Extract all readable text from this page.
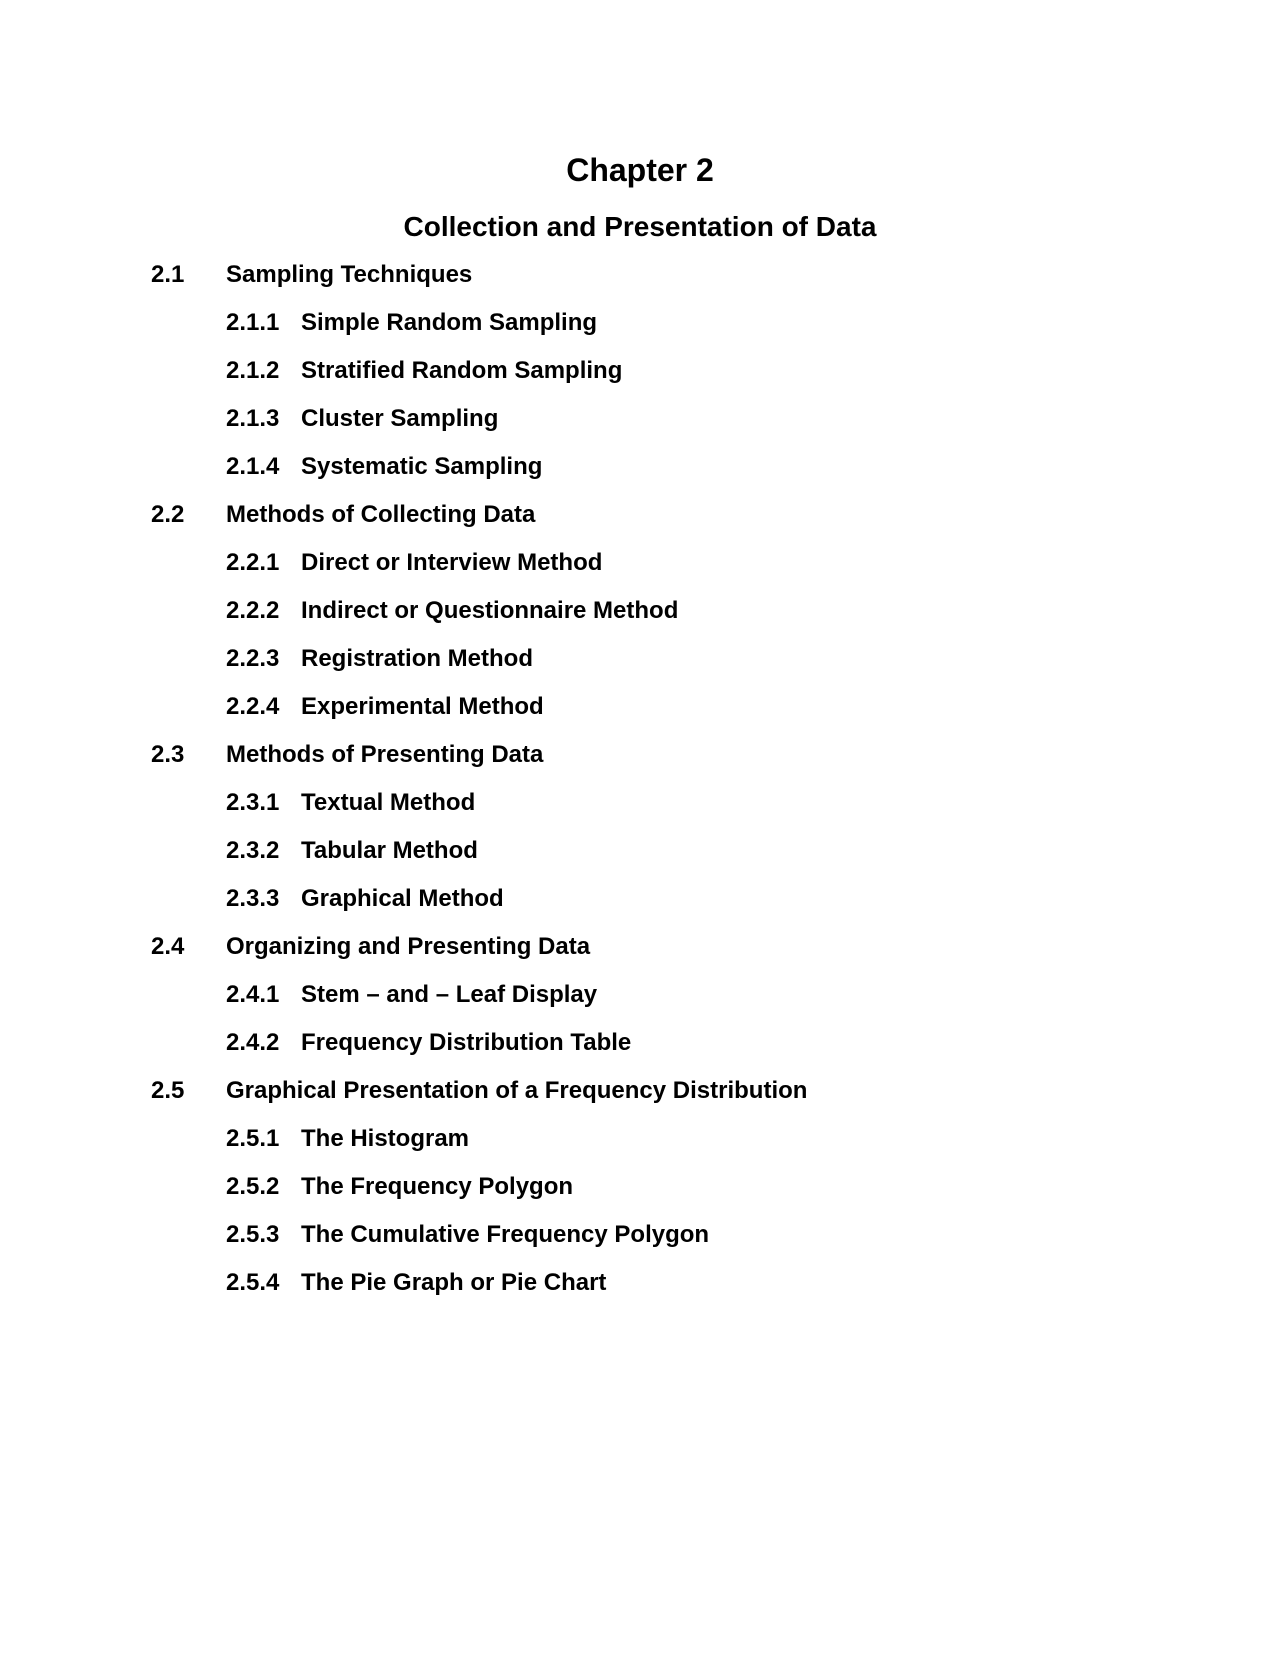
Chapter 2
Collection and Presentation of Data
2.1 Sampling Techniques
2.1.1 Simple Random Sampling
2.1.2 Stratified Random Sampling
2.1.3 Cluster Sampling
2.1.4 Systematic Sampling
2.2 Methods of Collecting Data
2.2.1 Direct or Interview Method
2.2.2 Indirect or Questionnaire Method
2.2.3 Registration Method
2.2.4 Experimental Method
2.3 Methods of Presenting Data
2.3.1 Textual Method
2.3.2 Tabular Method
2.3.3 Graphical Method
2.4 Organizing and Presenting Data
2.4.1 Stem – and – Leaf Display
2.4.2 Frequency Distribution Table
2.5 Graphical Presentation of a Frequency Distribution
2.5.1 The Histogram
2.5.2 The Frequency Polygon
2.5.3 The Cumulative Frequency Polygon
2.5.4 The Pie Graph or Pie Chart
